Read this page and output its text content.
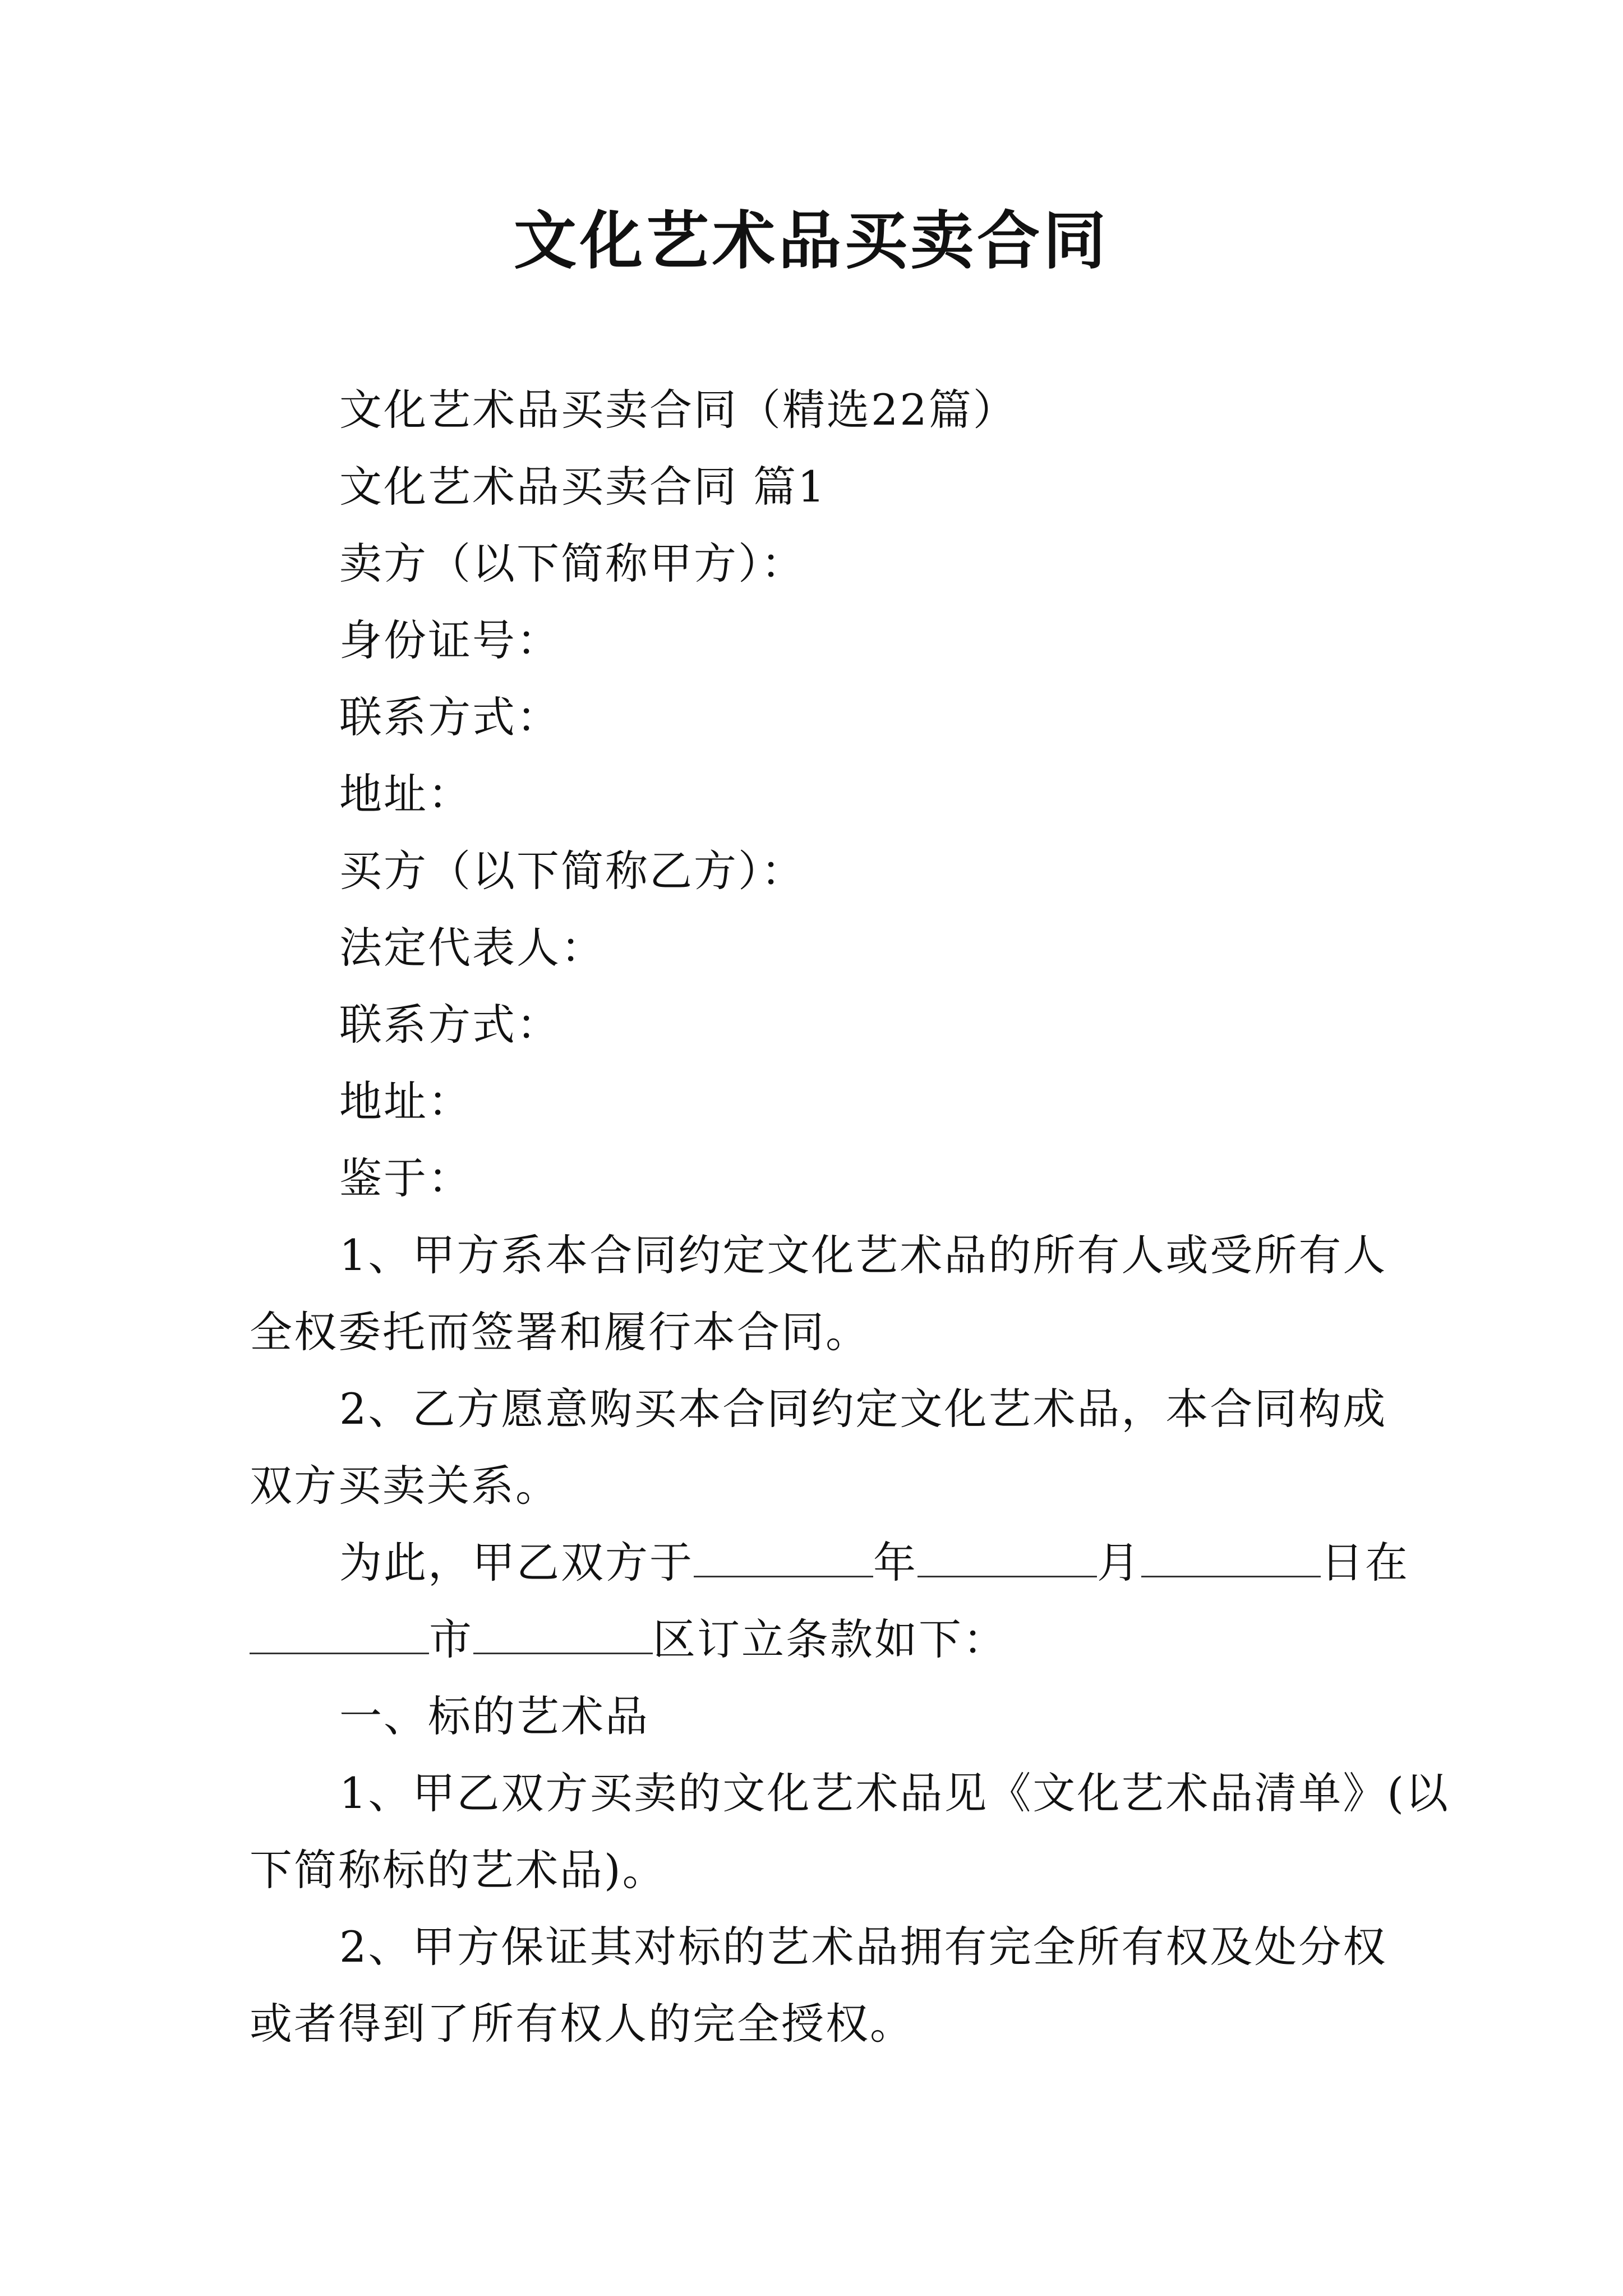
文化艺术品买卖合同
文化艺术品买卖合同（精选22篇）
文化艺术品买卖合同 篇1
卖方（以下简称甲方）：
身份证号：
联系方式：
地址：
买方（以下简称乙方）：
法定代表人：
联系方式：
地址：
鉴于：
1、甲方系本合同约定文化艺术品的所有人或受所有人
全权委托而签署和履行本合同。
2、乙方愿意购买本合同约定文化艺术品，本合同构成
双方买卖关系。
为此，甲乙双方于	年	月	日在
市	区订立条款如下：
一、标的艺术品
1、甲乙双方买卖的文化艺术品见《文化艺术品清单》(以
下简称标的艺术品)。
2、甲方保证其对标的艺术品拥有完全所有权及处分权
或者得到了所有权人的完全授权。
